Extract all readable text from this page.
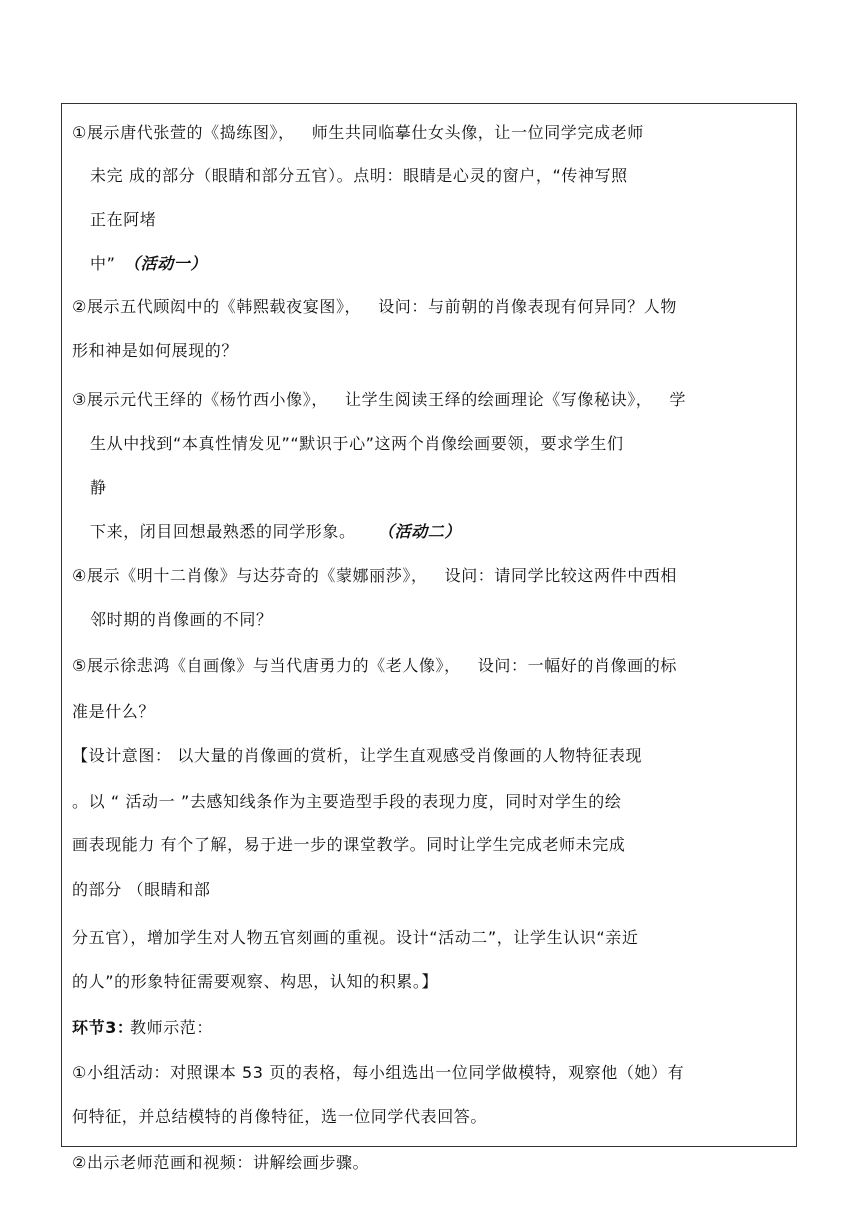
①展示唐代张萱的《捣练图》，   师生共同临摹仕女头像，让一位同学完成老师
未完 成的部分（眼睛和部分五官）。点明：眼睛是心灵的窗户，“传神写照
正在阿堵
中” （活动一）
②展示五代顾闳中的《韩熙载夜宴图》，   设问：与前朝的肖像表现有何异同？人物
形和神是如何展现的？
③展示元代王绎的《杨竹西小像》，   让学生阅读王绎的绘画理论《写像秘诀》，   学
生从中找到“本真性情发见”“默识于心”这两个肖像绘画要领，要求学生们
静
下来，闭目回想最熟悉的同学形象。 （活动二）
④展示《明十二肖像》与达芬奇的《蒙娜丽莎》，   设问：请同学比较这两件中西相
邻时期的肖像画的不同？
⑤展示徐悲鸿《自画像》与当代唐勇力的《老人像》，   设问：一幅好的肖像画的标
准是什么？
【设计意图： 以大量的肖像画的赏析，让学生直观感受肖像画的人物特征表现
。以 “ 活动一 ”去感知线条作为主要造型手段的表现力度，同时对学生的绘
画表现能力 有个了解，易于进一步的课堂教学。同时让学生完成老师未完成
的部分 （眼睛和部
分五官），增加学生对人物五官刻画的重视。设计“活动二”，让学生认识“亲近
的人”的形象特征需要观察、构思，认知的积累。】
环节3：
教师示范：
①小组活动：对照课本 53 页的表格，每小组选出一位同学做模特，观察他（她）有
何特征，并总结模特的肖像特征，选一位同学代表回答。
②出示老师范画和视频：讲解绘画步骤。
